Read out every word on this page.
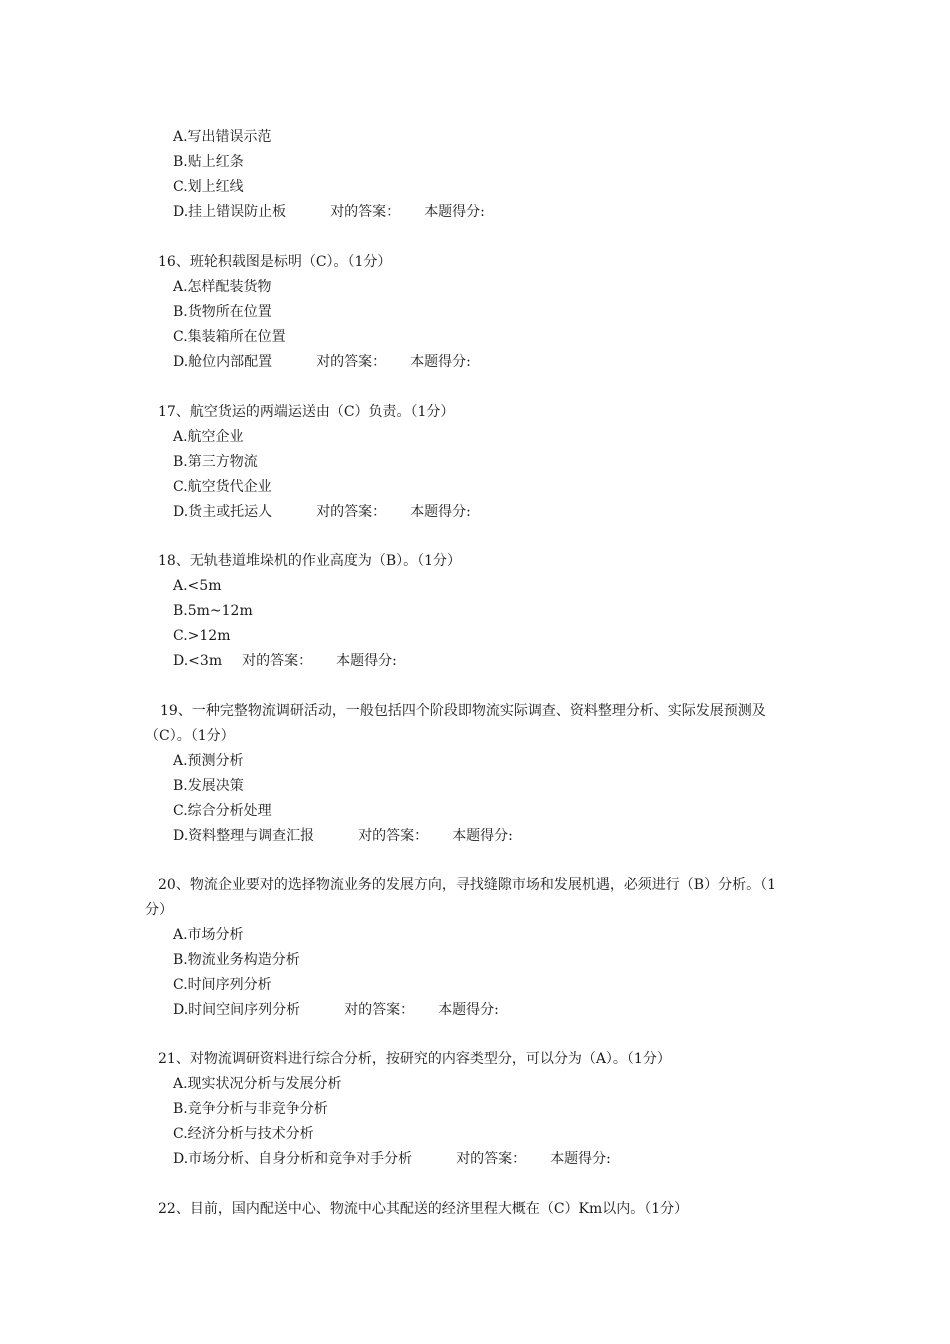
A.写出错误示范
B.贴上红条
C.划上红线
D.挂上错误防止板	对的答案： 本题得分:
16、班轮积载图是标明（C）。（1分）
A.怎样配装货物
B.货物所在位置
C.集装箱所在位置
D.舱位内部配置	对的答案： 本题得分:
17、航空货运的两端运送由（C）负责。（1分）
A.航空企业
B.第三方物流
C.航空货代企业
D.货主或托运人	对的答案： 本题得分:
18、无轨巷道堆垛机的作业高度为（B）。（1分）
A.<5m
B.5m~12m
C.>12m
D.<3m 对的答案： 本题得分:
19、一种完整物流调研活动，一般包括四个阶段即物流实际调查、资料整理分析、实际发展预测及
（C）。（1分）
A.预测分析
B.发展决策
C.综合分析处理
D.资料整理与调查汇报	对的答案： 本题得分:
20、物流企业要对的选择物流业务的发展方向，寻找缝隙市场和发展机遇，必须进行（B）分析。（1
分）
A.市场分析
B.物流业务构造分析
C.时间序列分析
D.时间空间序列分析	对的答案： 本题得分:
21、对物流调研资料进行综合分析，按研究的内容类型分，可以分为（A）。（1分）
A.现实状况分析与发展分析
B.竞争分析与非竞争分析
C.经济分析与技术分析
D.市场分析、自身分析和竞争对手分析	对的答案： 本题得分:
22、目前，国内配送中心、物流中心其配送的经济里程大概在（C）Km以内。（1分）
